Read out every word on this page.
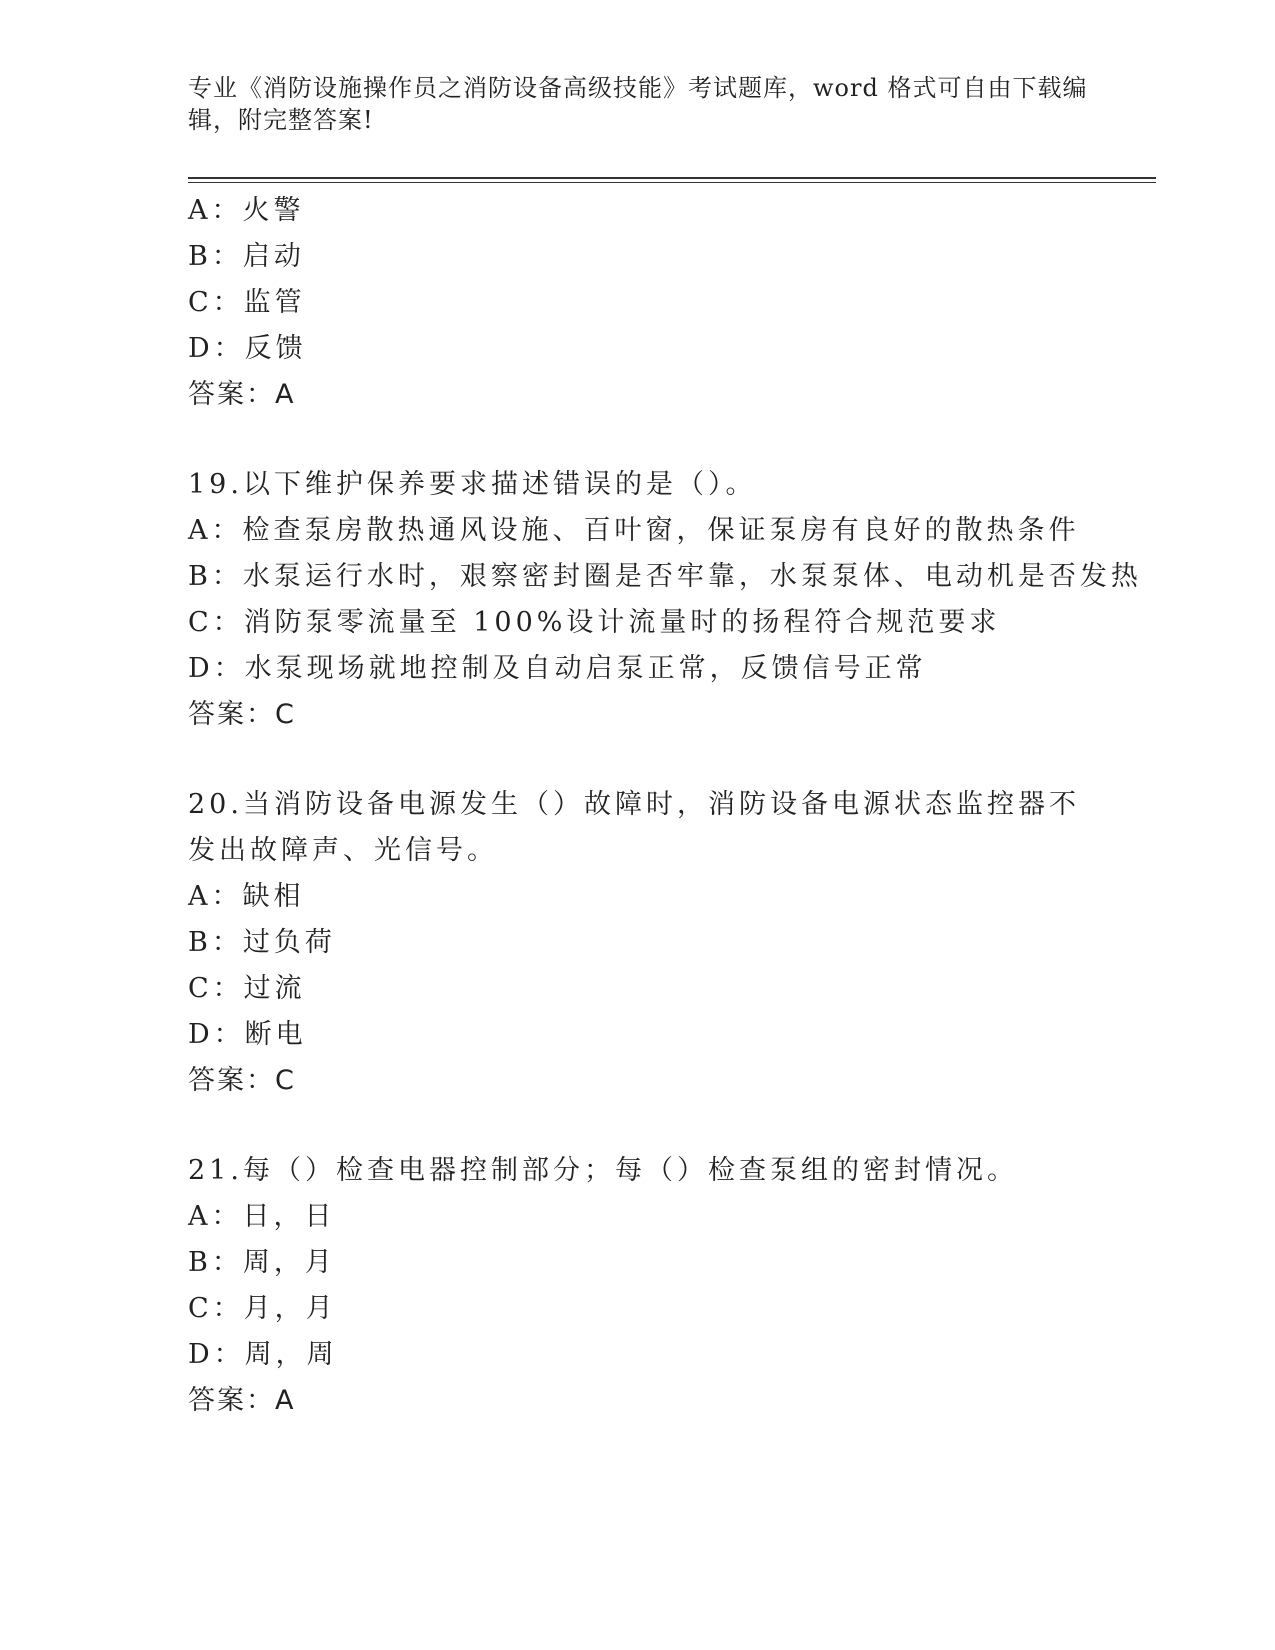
专业《消防设施操作员之消防设备高级技能》考试题库，word 格式可自由下载编
辑，附完整答案!
A：火警
B：启动
C：监管
D：反馈
答案：A
19.以下维护保养要求描述错误的是（）。
A：检查泵房散热通风设施、百叶窗，保证泵房有良好的散热条件
B：水泵运行水时，艰察密封圈是否牢靠，水泵泵体、电动机是否发热
C：消防泵零流量至 100%设计流量时的扬程符合规范要求
D：水泵现场就地控制及自动启泵正常，反馈信号正常
答案：C
20.当消防设备电源发生（）故障时，消防设备电源状态监控器不发出故障声、光信号。
A：缺相
B：过负荷
C：过流
D：断电
答案：C
21.每（）检查电器控制部分；每（）检查泵组的密封情况。
A：日，日
B：周，月
C：月，月
D：周，周
答案：A
